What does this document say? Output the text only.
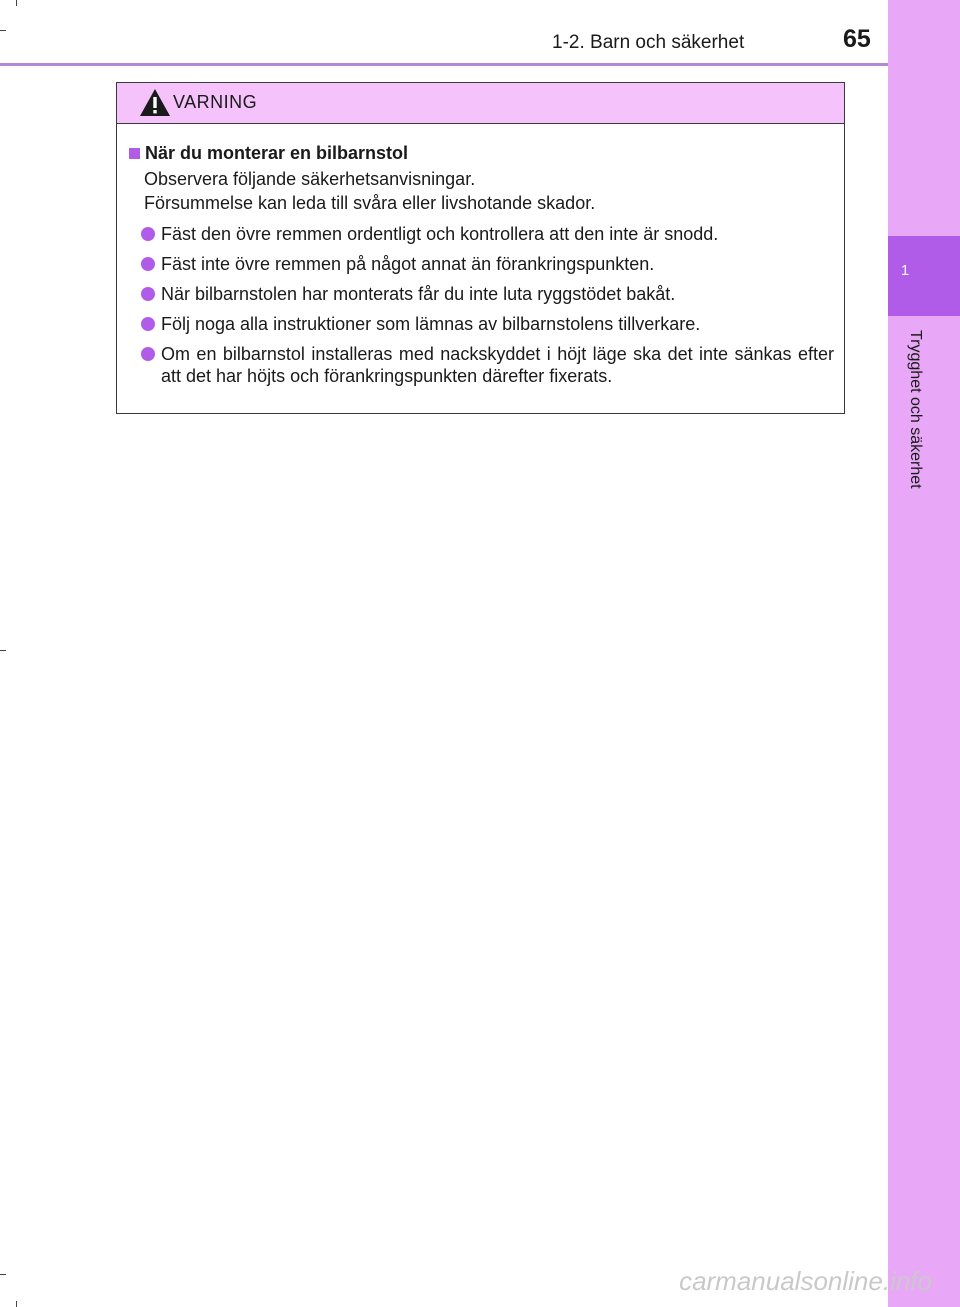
1-2. Barn och säkerhet	65
1
Trygghet och säkerhet
VARNING
När du monterar en bilbarnstol
Observera följande säkerhetsanvisningar.
Försummelse kan leda till svåra eller livshotande skador.
Fäst den övre remmen ordentligt och kontrollera att den inte är snodd.
Fäst inte övre remmen på något annat än förankringspunkten.
När bilbarnstolen har monterats får du inte luta ryggstödet bakåt.
Följ noga alla instruktioner som lämnas av bilbarnstolens tillverkare.
Om en bilbarnstol installeras med nackskyddet i höjt läge ska det inte sänkas efter att det har höjts och förankringspunkten därefter fixerats.
carmanualsonline.info
